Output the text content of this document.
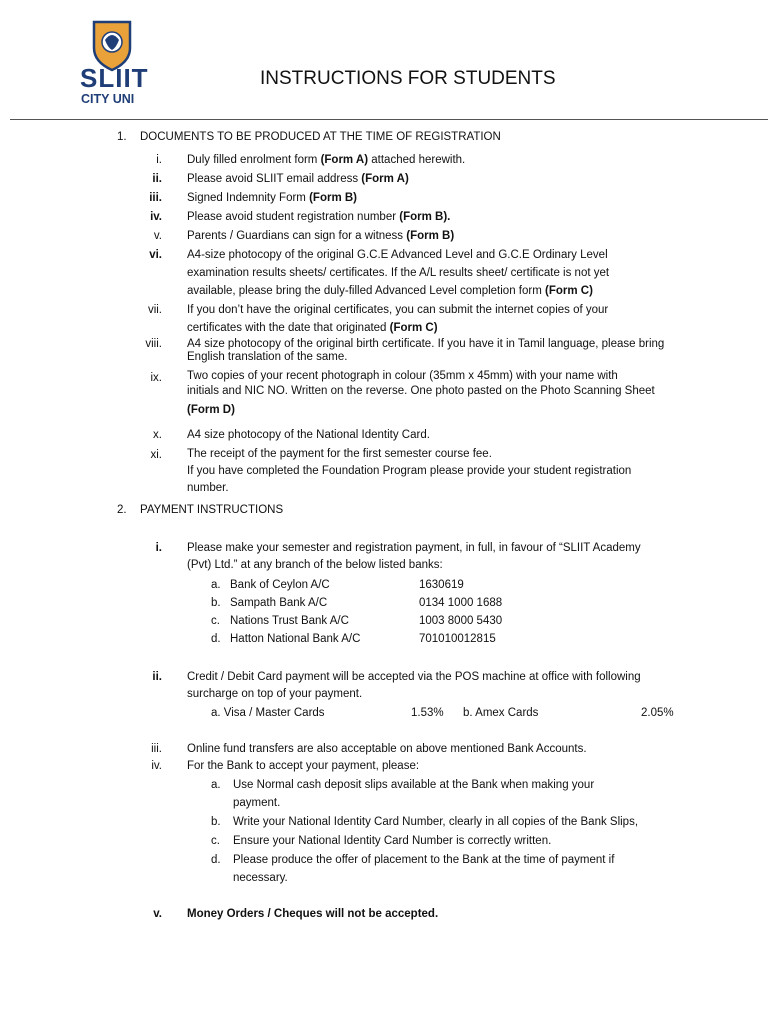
SLIIT
CITY UNI
INSTRUCTIONS FOR STUDENTS
1. DOCUMENTS TO BE PRODUCED AT THE TIME OF REGISTRATION
i. Duly filled enrolment form (Form A) attached herewith.
ii. Please avoid SLIIT email address (Form A)
iii. Signed Indemnity Form (Form B)
iv. Please avoid student registration number (Form B).
v. Parents / Guardians can sign for a witness (Form B)
vi. A4-size photocopy of the original G.C.E Advanced Level and G.C.E Ordinary Level
examination results sheets/ certificates. If the A/L results sheet/ certificate is not yet
available, please bring the duly-filled Advanced Level completion form (Form C)
vii. If you don’t have the original certificates, you can submit the internet copies of your
certificates with the date that originated (Form C)
viii. A4 size photocopy of the original birth certificate. If you have it in Tamil language, please bring
English translation of the same.
ix. Two copies of your recent photograph in colour (35mm x 45mm) with your name with
initials and NIC NO. Written on the reverse. One photo pasted on the Photo Scanning Sheet
(Form D)
x. A4 size photocopy of the National Identity Card.
xi. The receipt of the payment for the first semester course fee.
If you have completed the Foundation Program please provide your student registration
number.
2. PAYMENT INSTRUCTIONS
i. Please make your semester and registration payment, in full, in favour of “SLIIT Academy
(Pvt) Ltd.” at any branch of the below listed banks:
a. Bank of Ceylon A/C	1630619
b. Sampath Bank A/C	0134 1000 1688
c. Nations Trust Bank A/C	1003 8000 5430
d. Hatton National Bank A/C	701010012815
ii. Credit / Debit Card payment will be accepted via the POS machine at office with following
surcharge on top of your payment.
a. Visa / Master Cards	1.53% b. Amex Cards	2.05%
iii. Online fund transfers are also acceptable on above mentioned Bank Accounts.
iv. For the Bank to accept your payment, please:
a. Use Normal cash deposit slips available at the Bank when making your
payment.
b. Write your National Identity Card Number, clearly in all copies of the Bank Slips,
c. Ensure your National Identity Card Number is correctly written.
d. Please produce the offer of placement to the Bank at the time of payment if
necessary.
v. Money Orders / Cheques will not be accepted.
